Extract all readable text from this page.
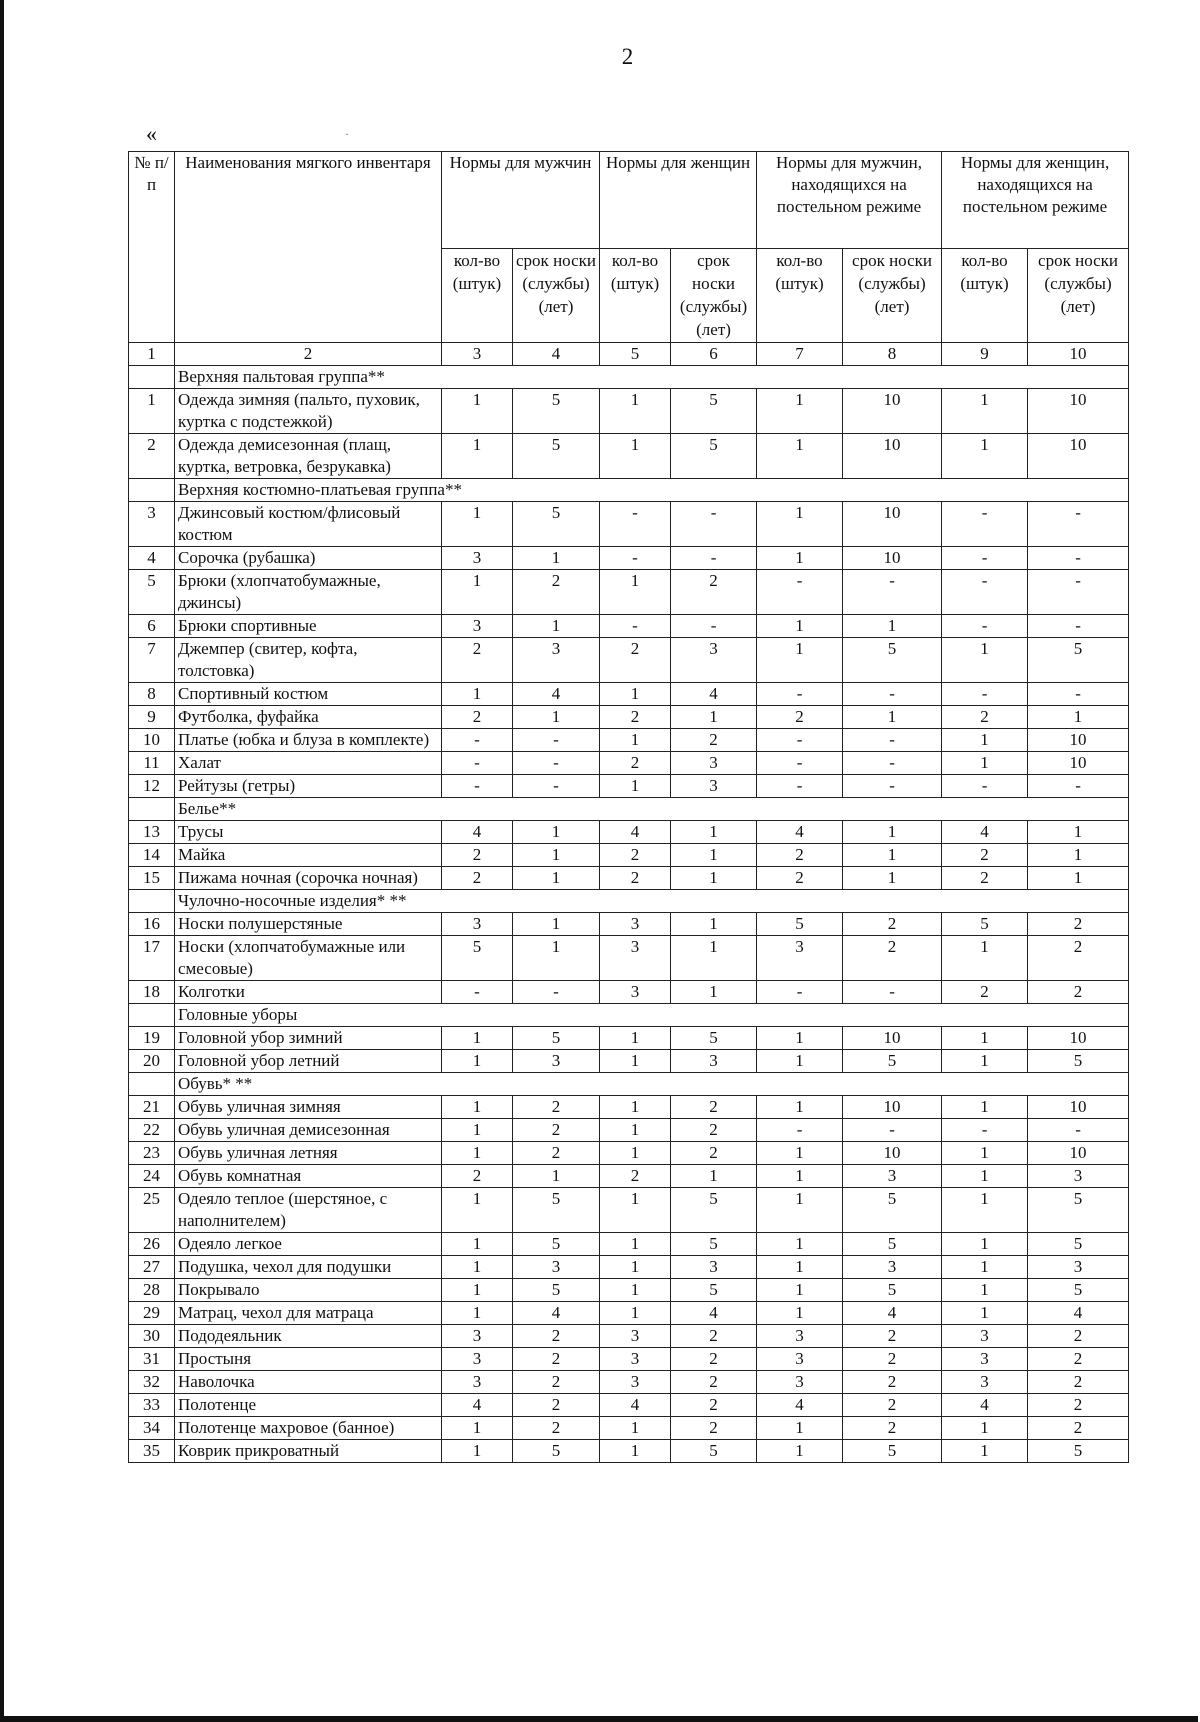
2
«	·
№ п/п	Наименования мягкого инвентаря	Нормы для мужчин		Нормы для женщин		Нормы для мужчин, находящихся на постельном режиме		Нормы для женщин, находящихся на постельном режиме	
		кол-во (штук)	срок носки (службы) (лет)	кол-во (штук)	срок носки (службы) (лет)	кол-во (штук)	срок носки (службы) (лет)	кол-во (штук)	срок носки (службы) (лет)
1	2	3	4	5	6	7	8	9	10
	Верхняя пальтовая группа**								
1	Одежда зимняя (пальто, пуховик, куртка с подстежкой)	1	5	1	5	1	10	1	10
2	Одежда демисезонная (плащ, куртка, ветровка, безрукавка)	1	5	1	5	1	10	1	10
	Верхняя костюмно-платьевая группа**								
3	Джинсовый костюм/флисовый костюм	1	5	-	-	1	10	-	-
4	Сорочка (рубашка)	3	1	-	-	1	10	-	-
5	Брюки (хлопчатобумажные, джинсы)	1	2	1	2	-	-	-	-
6	Брюки спортивные	3	1	-	-	1	1	-	-
7	Джемпер (свитер, кофта, толстовка)	2	3	2	3	1	5	1	5
8	Спортивный костюм	1	4	1	4	-	-	-	-
9	Футболка, фуфайка	2	1	2	1	2	1	2	1
10	Платье (юбка и блуза в комплекте)	-	-	1	2	-	-	1	10
11	Халат	-	-	2	3	-	-	1	10
12	Рейтузы (гетры)	-	-	1	3	-	-	-	-
	Белье**								
13	Трусы	4	1	4	1	4	1	4	1
14	Майка	2	1	2	1	2	1	2	1
15	Пижама ночная (сорочка ночная)	2	1	2	1	2	1	2	1
	Чулочно-носочные изделия* **								
16	Носки полушерстяные	3	1	3	1	5	2	5	2
17	Носки (хлопчатобумажные или смесовые)	5	1	3	1	3	2	1	2
18	Колготки	-	-	3	1	-	-	2	2
	Головные уборы								
19	Головной убор зимний	1	5	1	5	1	10	1	10
20	Головной убор летний	1	3	1	3	1	5	1	5
	Обувь* **								
21	Обувь уличная зимняя	1	2	1	2	1	10	1	10
22	Обувь уличная демисезонная	1	2	1	2	-	-	-	-
23	Обувь уличная летняя	1	2	1	2	1	10	1	10
24	Обувь комнатная	2	1	2	1	1	3	1	3
25	Одеяло теплое (шерстяное, с наполнителем)	1	5	1	5	1	5	1	5
26	Одеяло легкое	1	5	1	5	1	5	1	5
27	Подушка, чехол для подушки	1	3	1	3	1	3	1	3
28	Покрывало	1	5	1	5	1	5	1	5
29	Матрац, чехол для матраца	1	4	1	4	1	4	1	4
30	Пододеяльник	3	2	3	2	3	2	3	2
31	Простыня	3	2	3	2	3	2	3	2
32	Наволочка	3	2	3	2	3	2	3	2
33	Полотенце	4	2	4	2	4	2	4	2
34	Полотенце махровое (банное)	1	2	1	2	1	2	1	2
35	Коврик прикроватный	1	5	1	5	1	5	1	5
